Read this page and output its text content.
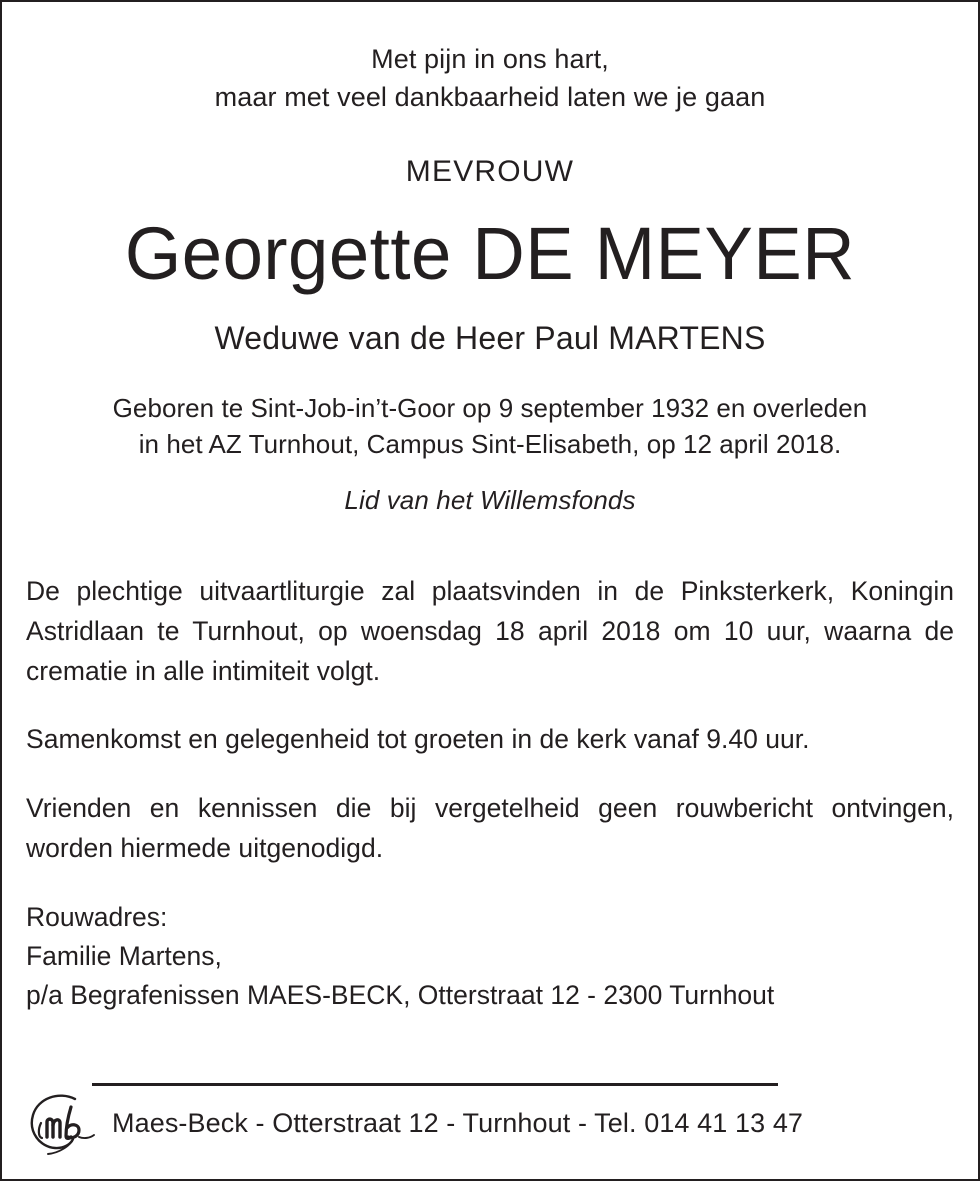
Met pijn in ons hart,
maar met veel dankbaarheid laten we je gaan
MEVROUW
Georgette DE MEYER
Weduwe van de Heer Paul MARTENS
Geboren te Sint-Job-in’t-Goor op 9 september 1932 en overleden
in het AZ Turnhout, Campus Sint-Elisabeth, op 12 april 2018.
Lid van het Willemsfonds

De plechtige uitvaartliturgie zal plaatsvinden in de Pinksterkerk, Koningin Astridlaan te Turnhout, op woensdag 18 april 2018 om 10 uur, waarna de crematie in alle intimiteit volgt.

Samenkomst en gelegenheid tot groeten in de kerk vanaf 9.40 uur.

Vrienden en kennissen die bij vergetelheid geen rouwbericht ontvingen, worden hiermede uitgenodigd.

Rouwadres:
Familie Martens,
p/a Begrafenissen MAES-BECK, Otterstraat 12 - 2300 Turnhout
Maes-Beck - Otterstraat 12 - Turnhout - Tel. 014 41 13 47
